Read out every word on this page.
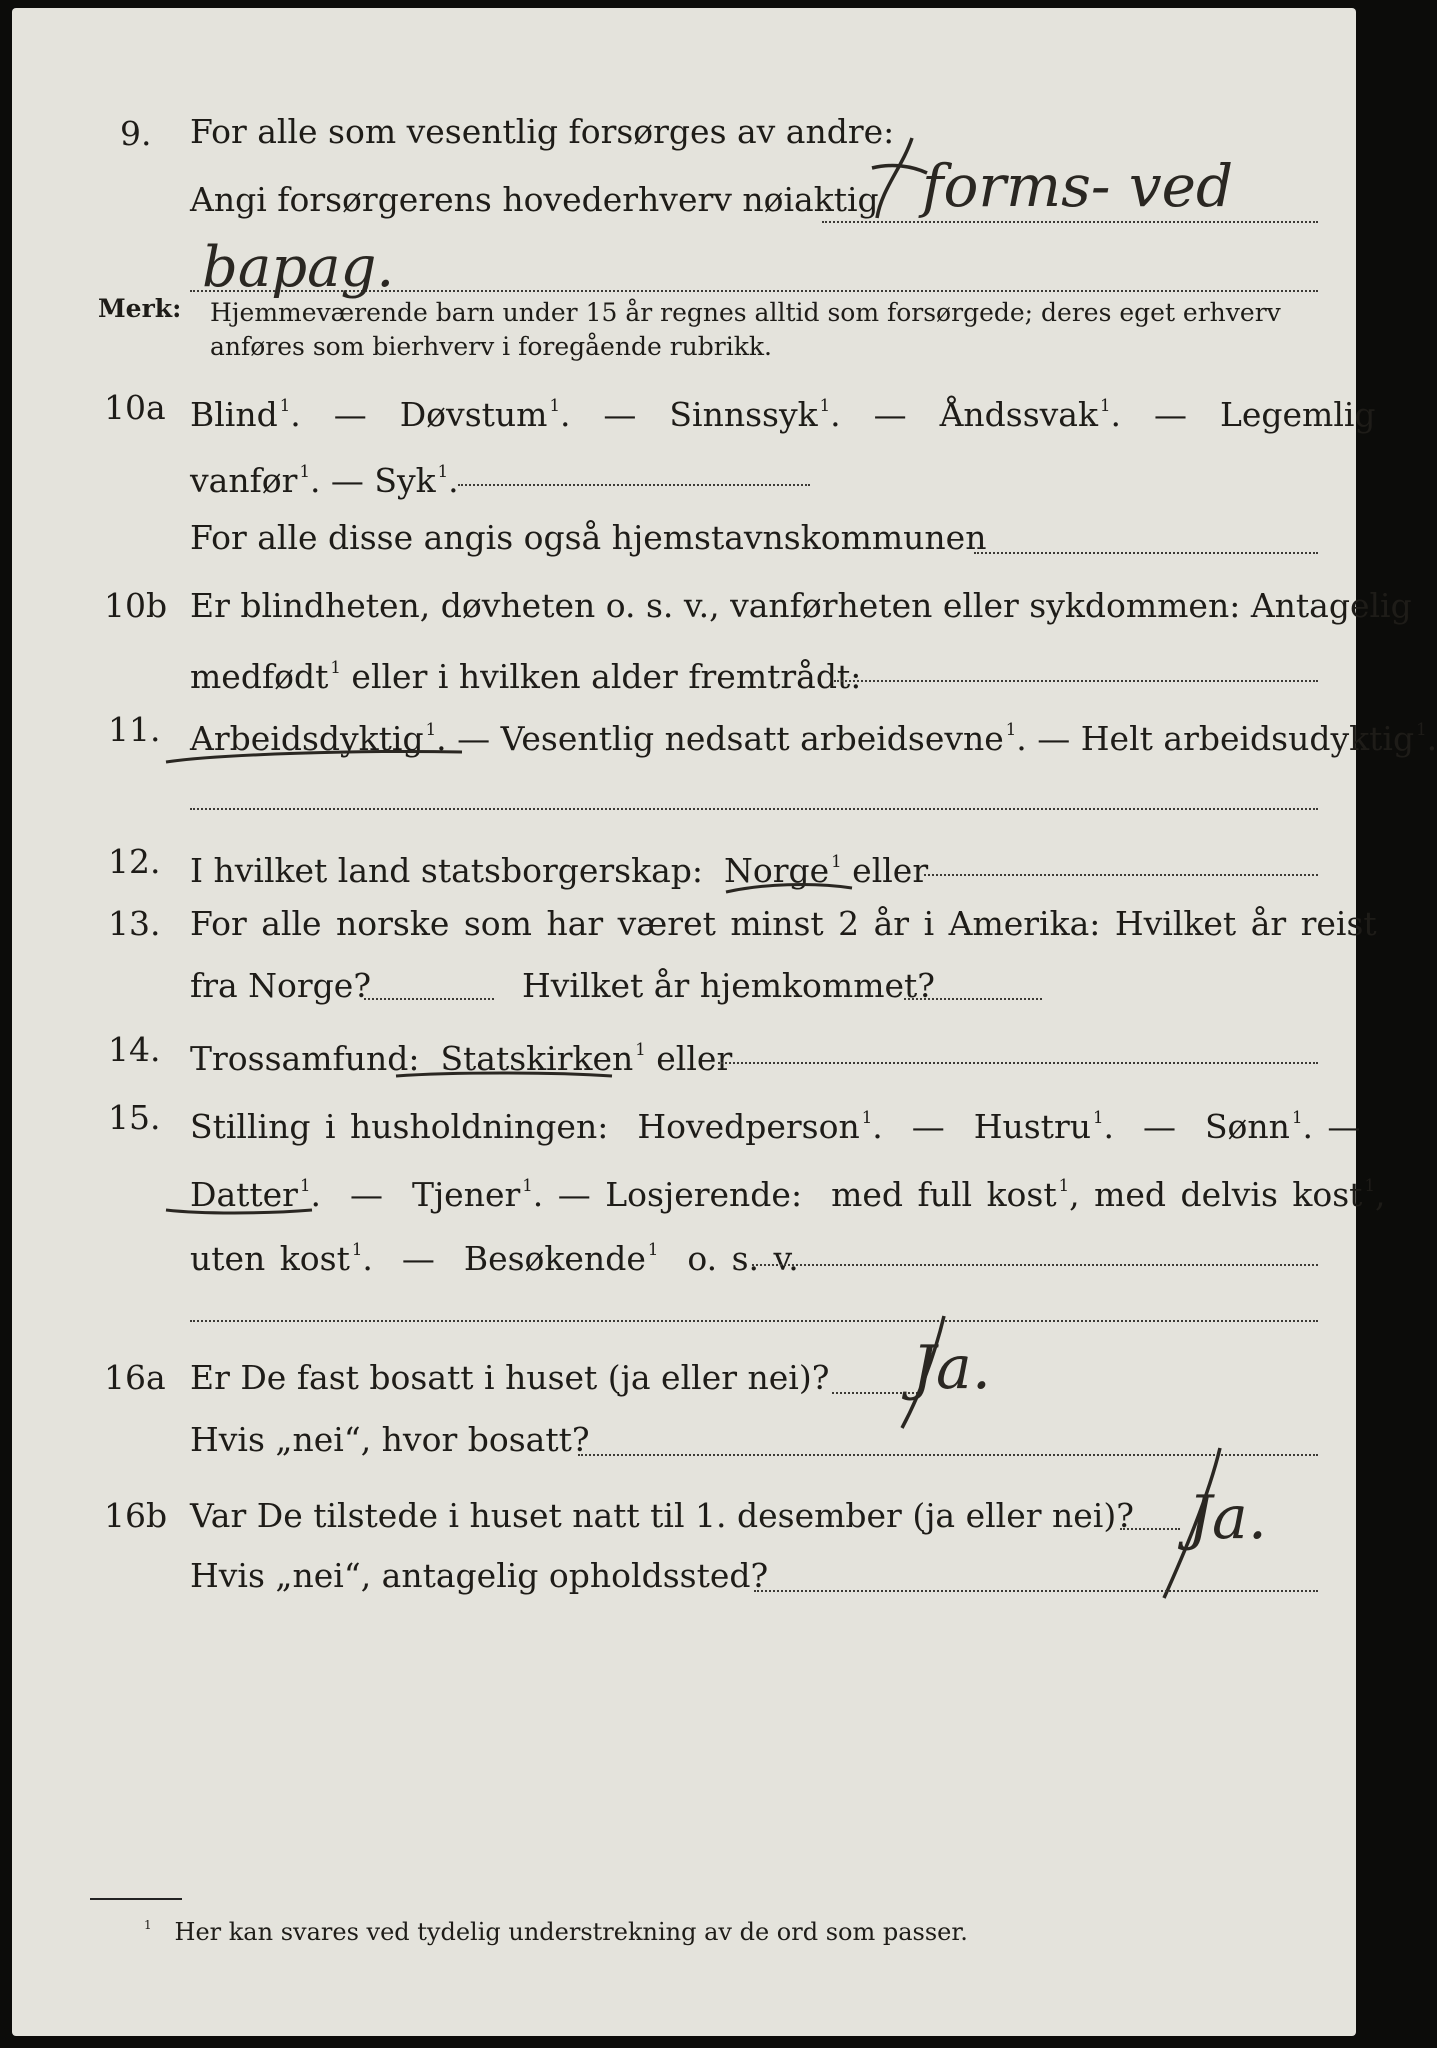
9. For alle som vesentlig forsørges av andre:
Angi forsørgerens hovederhverv nøiaktig forms- ved
bapag.
Merk: Hjemmeværende barn under 15 år regnes alltid som forsørgede; deres eget erhverv
anføres som bierhverv i foregående rubrikk.
10a Blind $^1$.  — Døvstum $^1$.  — Sinnssyk $^1$.  — Åndssvak $^1$.  — Legemlig
vanfør $^1$. — Syk $^1$.
For alle disse angis også hjemstavnskommunen
10b Er blindheten, døvheten o. s. v., vanførheten eller sykdommen: Antagelig
medfødt $^1$ eller i hvilken alder fremtrådt:
11. Arbeidsdyktig $^1$. — Vesentlig nedsatt arbeidsevne $^1$. — Helt arbeidsudyktig $^1$.
12. I hvilket land statsborgerskap: Norge $^1$ eller
13. For alle norske som har været minst 2 år i Amerika: Hvilket år reist
fra Norge?	Hvilket år hjemkommet?
14. Trossamfund: Statskirken $^1$ eller
15. Stilling i husholdningen: Hovedperson $^1$.  — Hustru $^1$.  — Sønn $^1$. —
Datter $^1$.  — Tjener $^1$. — Losjerende: med full kost $^1$, med delvis kost $^1$,
uten kost $^1$.  — Besøkende $^1$ o. s. v.
16a Er De fast bosatt i huset (ja eller nei)? Ja.
Hvis „nei“, hvor bosatt?
16b Var De tilstede i huset natt til 1. desember (ja eller nei)? Ja.
Hvis „nei“, antagelig opholdssted?
$^1$ Her kan svares ved tydelig understrekning av de ord som passer.
